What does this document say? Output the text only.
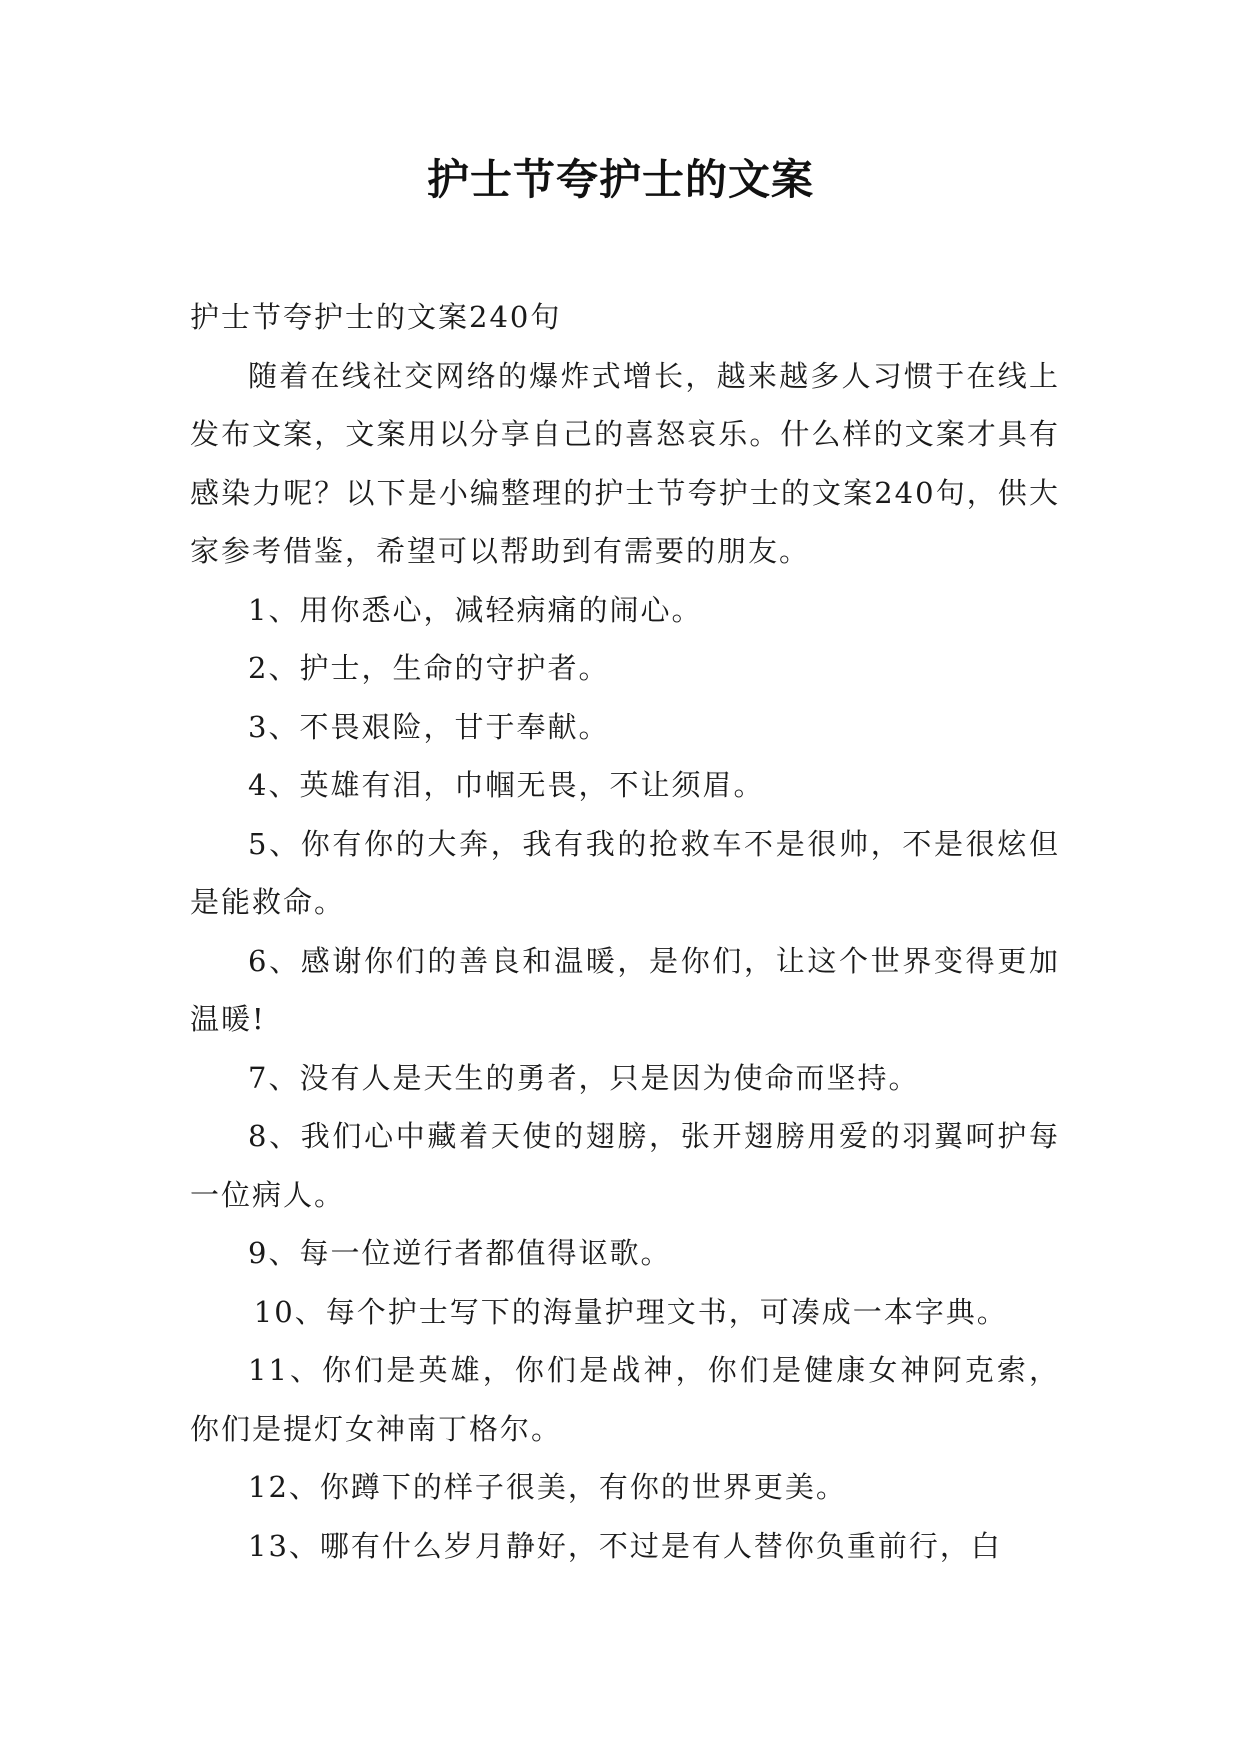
护士节夸护士的文案

护士节夸护士的文案240句

随着在线社交网络的爆炸式增长，越来越多人习惯于在线上发布文案，文案用以分享自己的喜怒哀乐。什么样的文案才具有感染力呢？以下是小编整理的护士节夸护士的文案240句，供大家参考借鉴，希望可以帮助到有需要的朋友。

1、用你悉心，减轻病痛的闹心。

2、护士，生命的守护者。

3、不畏艰险，甘于奉献。

4、英雄有泪，巾帼无畏，不让须眉。

5、你有你的大奔，我有我的抢救车不是很帅，不是很炫但是能救命。

6、感谢你们的善良和温暖，是你们，让这个世界变得更加温暖!

7、没有人是天生的勇者，只是因为使命而坚持。

8、我们心中藏着天使的翅膀，张开翅膀用爱的羽翼呵护每一位病人。

9、每一位逆行者都值得讴歌。

10、每个护士写下的海量护理文书，可凑成一本字典。

11、你们是英雄，你们是战神，你们是健康女神阿克索，你们是提灯女神南丁格尔。

12、你蹲下的样子很美，有你的世界更美。

13、哪有什么岁月静好，不过是有人替你负重前行，白
